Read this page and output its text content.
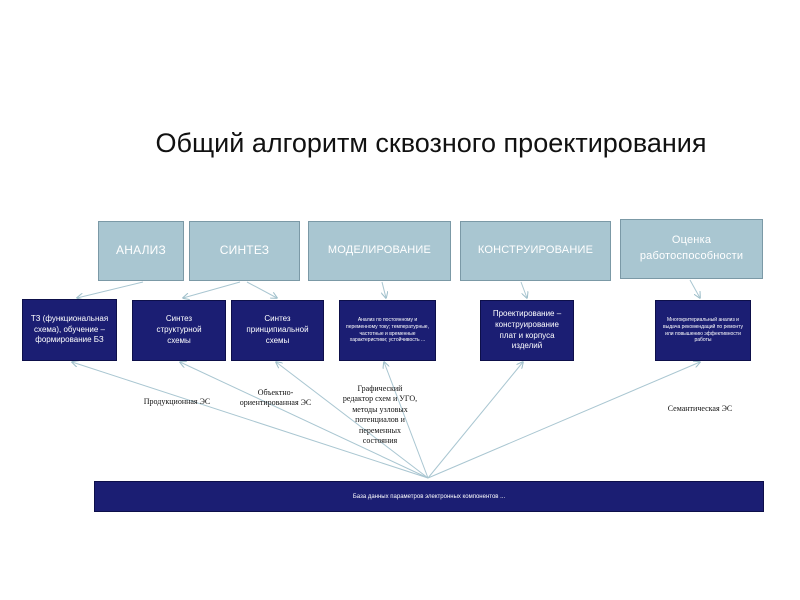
Общий алгоритм сквозного проектирования
АНАЛИЗ	СИНТЕЗ	МОДЕЛИРОВАНИЕ	КОНСТРУИРОВАНИЕ
Оценка работоспособности
ТЗ (функциональная схема), обучение – формирование БЗ
Синтез структурной схемы
Синтез принципиальной схемы
Анализ по постоянному и переменному току; температурные, частотные и временные характеристики; устойчивость ...
Проектирование – конструирование плат и корпуса изделий
Многокритериальный анализ и выдача рекомендаций по ремонту или повышению эффективности работы
Продукционная ЭС
Объектно-ориентированная ЭС
Графический редактор схем и УГО, методы узловых потенциалов и переменных состояния
Семантическая ЭС
База данных параметров электронных компонентов ...
